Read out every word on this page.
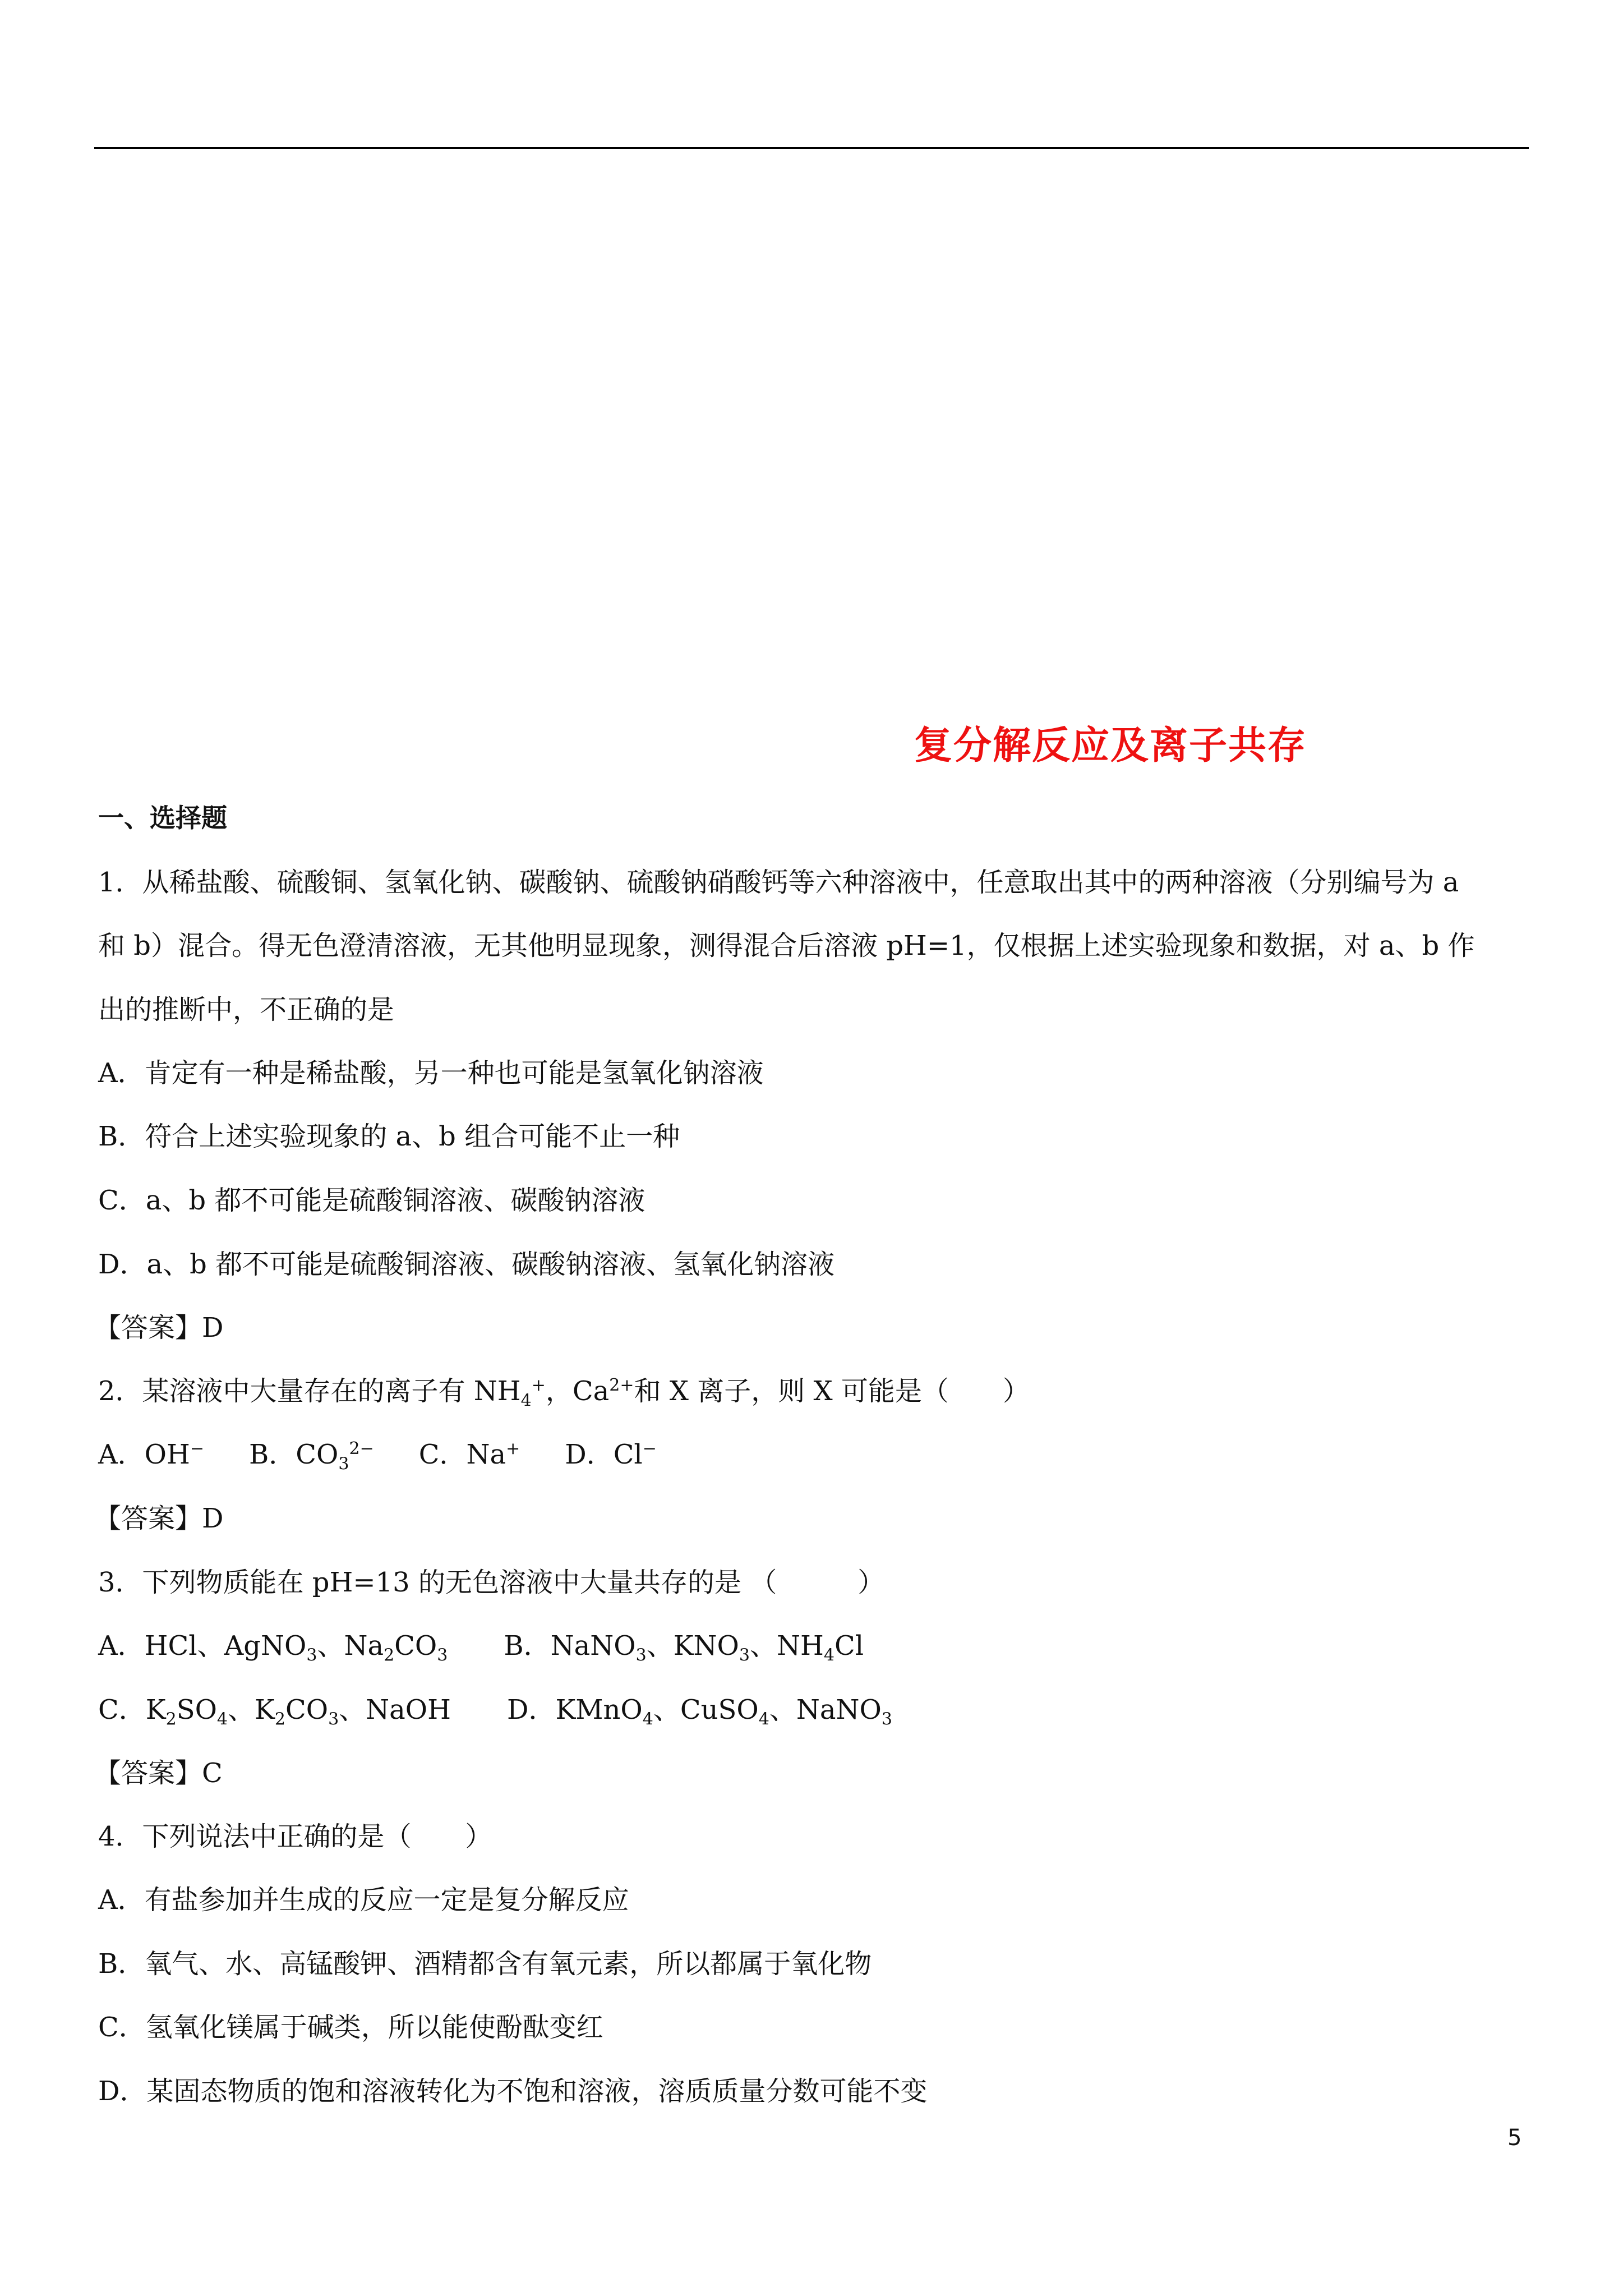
复分解反应及离子共存
一、选择题
1．从稀盐酸、硫酸铜、氢氧化钠、碳酸钠、硫酸钠硝酸钙等六种溶液中，任意取出其中的两种溶液（分别编号为 a
和 b）混合。得无色澄清溶液，无其他明显现象，测得混合后溶液 pH=1，仅根据上述实验现象和数据，对 a、b 作
出的推断中，不正确的是
A．肯定有一种是稀盐酸，另一种也可能是氢氧化钠溶液
B．符合上述实验现象的 a、b 组合可能不止一种
C．a、b 都不可能是硫酸铜溶液、碳酸钠溶液
D．a、b 都不可能是硫酸铜溶液、碳酸钠溶液、氢氧化钠溶液
【答案】D
2．某溶液中大量存在的离子有 $NH_4^+$，$Ca^{2+}$和 X 离子，则 X 可能是（　　）
A．OH− B．$CO_3^{2-}$ C．Na+ D．Cl−
【答案】D
3．下列物质能在 pH=13 的无色溶液中大量共存的是 （　　　）
A．HCl、AgNO$_3$、$Na_2CO_3$ B．NaNO$_3$、$KNO_3$、$NH_4Cl$
C．$K_2SO_4$、$K_2CO_3$、NaOH D．KMnO$_4$、CuSO$_4$、NaNO$_3$
【答案】C
4．下列说法中正确的是（　　）
A．有盐参加并生成的反应一定是复分解反应
B．氧气、水、高锰酸钾、酒精都含有氧元素，所以都属于氧化物
C．氢氧化镁属于碱类，所以能使酚酞变红
D．某固态物质的饱和溶液转化为不饱和溶液，溶质质量分数可能不变
5
